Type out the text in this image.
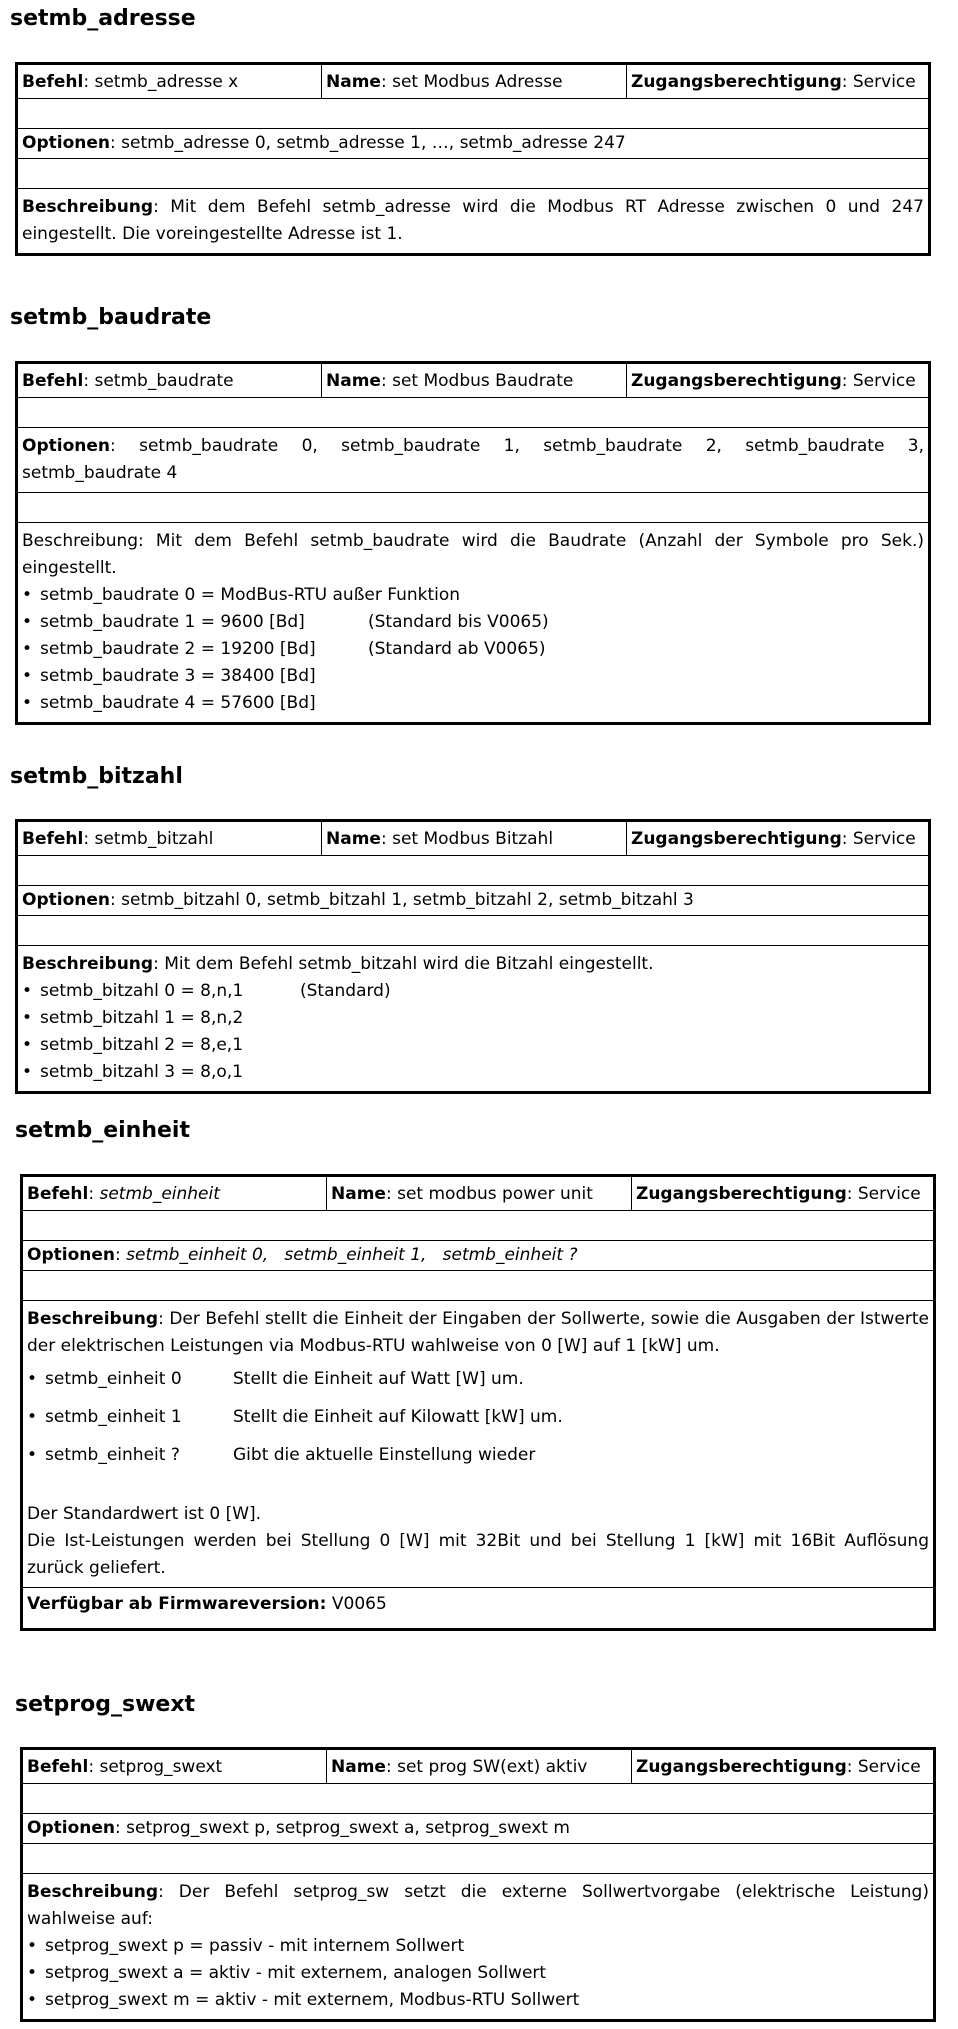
setmb_adresse
Befehl : setmb_adresse x	Name : set Modbus Adresse	Zugangsberechtigung : Service
Optionen: setmb_adresse 0, setmb_adresse 1, …, setmb_adresse 247
Beschreibung: Mit dem Befehl setmb_adresse wird die Modbus RT Adresse zwischen 0 und 247 eingestellt. Die voreingestellte Adresse ist 1.
setmb_baudrate
Befehl : setmb_baudrate	Name : set Modbus Baudrate	Zugangsberechtigung : Service
Optionen: setmb_baudrate 0, setmb_baudrate 1, setmb_baudrate 2, setmb_baudrate 3, setmb_baudrate 4
Beschreibung: Mit dem Befehl setmb_baudrate wird die Baudrate (Anzahl der Symbole pro Sek.) eingestellt.
• setmb_baudrate 0 = ModBus-RTU außer Funktion
• setmb_baudrate 1 = 9600 [Bd]	(Standard bis V0065)
• setmb_baudrate 2 = 19200 [Bd]	(Standard ab V0065)
• setmb_baudrate 3 = 38400 [Bd]
• setmb_baudrate 4 = 57600 [Bd]
setmb_bitzahl
Befehl : setmb_bitzahl	Name : set Modbus Bitzahl	Zugangsberechtigung : Service
Optionen: setmb_bitzahl 0, setmb_bitzahl 1, setmb_bitzahl 2, setmb_bitzahl 3
Beschreibung: Mit dem Befehl setmb_bitzahl wird die Bitzahl eingestellt.
• setmb_bitzahl 0 = 8,n,1	(Standard)
• setmb_bitzahl 1 = 8,n,2
• setmb_bitzahl 2 = 8,e,1
• setmb_bitzahl 3 = 8,o,1
setmb_einheit
Befehl : setmb_einheit	Name : set modbus power unit	Zugangsberechtigung : Service
Optionen: setmb_einheit 0,   setmb_einheit 1,   setmb_einheit ?
Beschreibung: Der Befehl stellt die Einheit der Eingaben der Sollwerte, sowie die Ausgaben der Istwerte der elektrischen Leistungen via Modbus-RTU wahlweise von 0 [W] auf 1 [kW] um.
• setmb_einheit 0	Stellt die Einheit auf Watt [W] um.
• setmb_einheit 1	Stellt die Einheit auf Kilowatt [kW] um.
• setmb_einheit ?	Gibt die aktuelle Einstellung wieder
Der Standardwert ist 0 [W].
Die Ist-Leistungen werden bei Stellung 0 [W] mit 32Bit und bei Stellung 1 [kW] mit 16Bit Auflösung zurück geliefert.
Verfügbar ab Firmwareversion: V0065
setprog_swext
Befehl : setprog_swext	Name : set prog SW(ext) aktiv	Zugangsberechtigung : Service
Optionen: setprog_swext p, setprog_swext a, setprog_swext m
Beschreibung: Der Befehl setprog_sw setzt die externe Sollwertvorgabe (elektrische Leistung) wahlweise auf:
• setprog_swext p = passiv - mit internem Sollwert
• setprog_swext a = aktiv - mit externem, analogen Sollwert
• setprog_swext m = aktiv - mit externem, Modbus-RTU Sollwert
